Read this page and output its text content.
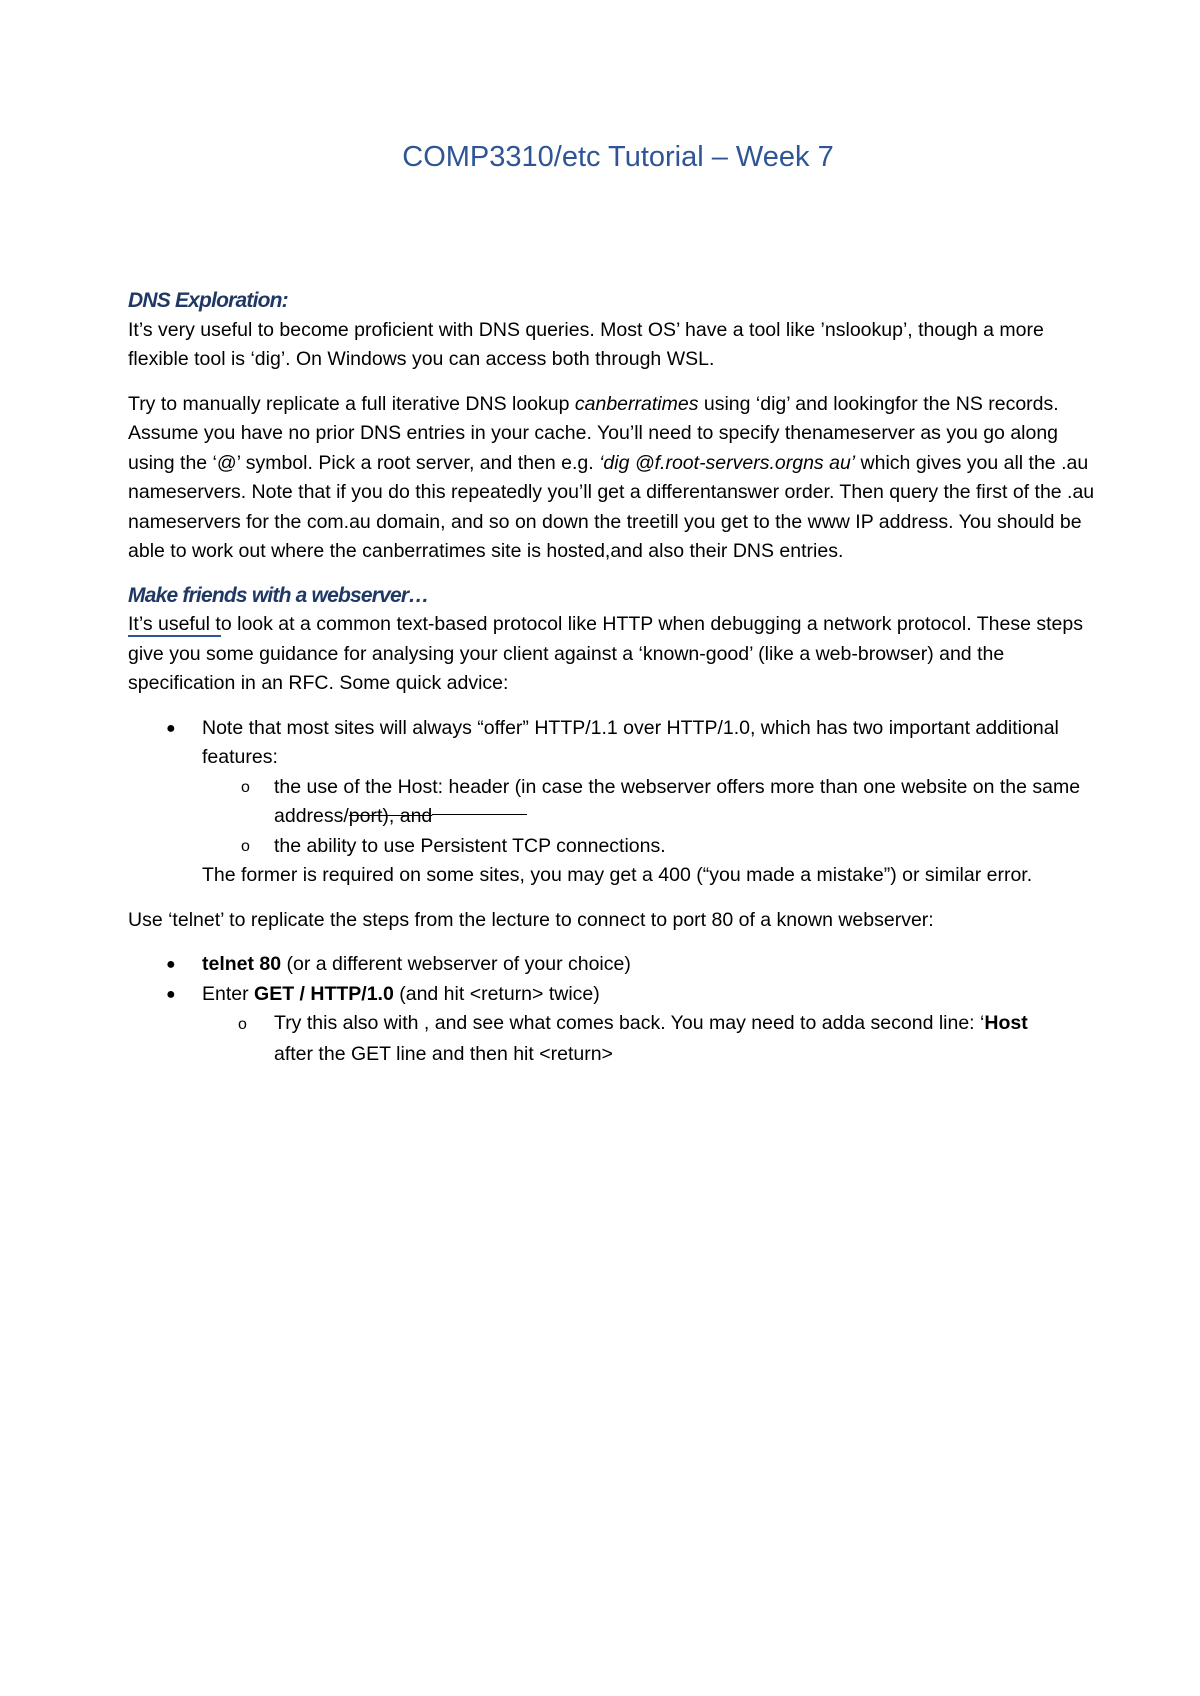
COMP3310/etc Tutorial – Week 7
DNS Exploration:

It’s very useful to become proficient with DNS queries. Most OS’ have a tool like ’nslookup’, though a more flexible tool is ‘dig’. On Windows you can access both through WSL.

Try to manually replicate a full iterative DNS lookup canberratimes using ‘dig’ and lookingfor the NS records. Assume you have no prior DNS entries in your cache. You’ll need to specify thenameserver as you go along using the ‘@’ symbol. Pick a root server, and then e.g. ‘dig @f.root-servers.orgns au’ which gives you all the .au nameservers. Note that if you do this repeatedly you’ll get a differentanswer order. Then query the first of the .au nameservers for the com.au domain, and so on down the treetill you get to the www IP address. You should be able to work out where the canberratimes site is hosted,and also their DNS entries.

Make friends with a webserver…

It’s useful to look at a common text-based protocol like HTTP when debugging a network protocol. These steps give you some guidance for analysing your client against a ‘known-good’ (like a web-browser) and the specification in an RFC. Some quick advice:

● Note that most sites will always “offer” HTTP/1.1 over HTTP/1.0, which has two important additional features:
o the use of the Host: header (in case the webserver offers more than one website on the same address/port), and
o the ability to use Persistent TCP connections.

The former is required on some sites, you may get a 400 (“you made a mistake”) or similar error.

Use ‘telnet’ to replicate the steps from the lecture to connect to port 80 of a known webserver:

● telnet 80 (or a different webserver of your choice)
● Enter GET / HTTP/1.0 (and hit <return> twice)
o Try this also with , and see what comes back. You may need to adda second line: ‘Host
after the GET line and then hit <return>
